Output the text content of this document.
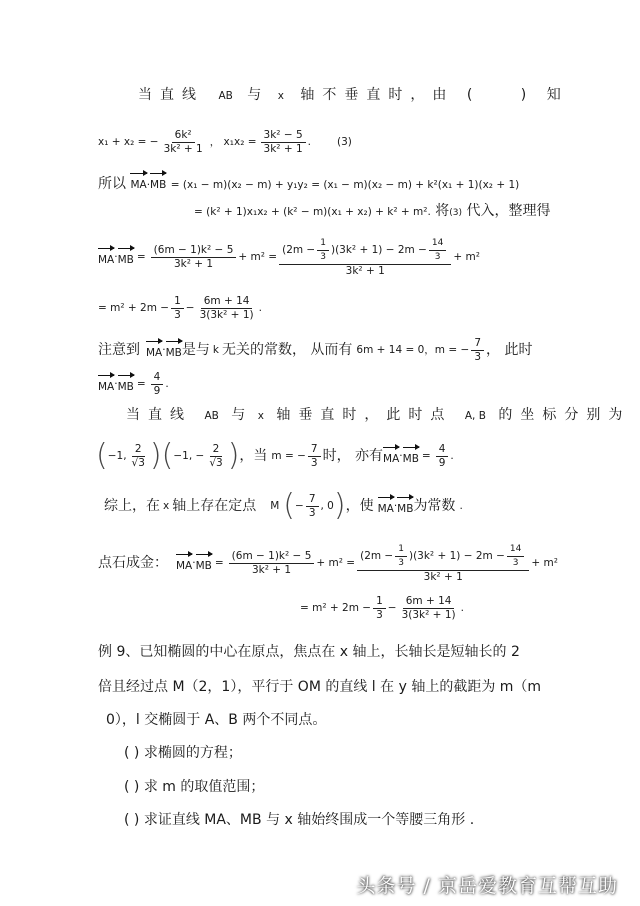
当直线 AB 与 x 轴不垂直时，由 (	) 知
x₁ + x₂ = − $\frac{\text{6k²}}{\text{3k² + 1}}$ ， $x_1x_2 = \frac{\text{3k² − 5}}{\text{3k² + 1}}$ . (3)
所以 MA·MB = (x₁ − m)(x₂ − m) + y₁y₂ = (x₁ − m)(x₂ − m) + k²(x₁ + 1)(x₂ + 1)
= (k² + 1)x₁x₂ + (k² − m)(x₁ + x₂) + k² + m². 将(3) 代入，整理得
MA · MB = $\frac{\text{(6m − 1)k² − 5}}{\text{3k² + 1}} + m^2 = \frac{(2m - \frac{1}{3} )(3k^2 + 1) - 2m - \frac{14}{3}}{\text{3k² + 1}} + m^2$
= $m^2 + 2m - \frac{1}{3} - \frac{6m + 14}{\text{3(3k² + 1)}}$ .
注意到 MA · MB 是与 k 无关的常数， 从而有 6m + 14 = 0，m = − $\frac{7}{3}$ ， 此时
MA · MB = $\frac{4}{9}$ .
当直线 AB 与 x 轴垂直时，此时点 A, B 的坐标分别为
( −1, $\frac{2}{√3}$ ) ( −1, − $\frac{2}{√3}$ ) ，当 m = − $\frac{7}{3}$ 时， 亦有 MA · MB = $\frac{4}{9}$ .
综上，在 x 轴上存在定点 M ( − $\frac{7}{3}$ , 0 ) ，使 MA · MB 为常数 .
点石成金： MA · MB = $\frac{\text{(6m − 1)k² − 5}}{\text{3k² + 1}} + m^2 = \frac{(2m - \frac{1}{3} )(3k^2 + 1) - 2m - \frac{14}{3}}{\text{3k² + 1}} + m^2$
= $m^2 + 2m - \frac{1}{3} - \frac{6m + 14}{\text{3(3k² + 1)}}$ .
例 9、已知椭圆的中心在原点，焦点在 x 轴上，长轴长是短轴长的 2
倍且经过点 M（2，1），平行于 OM 的直线 l 在 y 轴上的截距为 m（m
0），l 交椭圆于 A、B 两个不同点。
( ) 求椭圆的方程；
( ) 求 m 的取值范围；
( ) 求证直线 MA、MB 与 x 轴始终围成一个等腰三角形 .
头条号 / 京岳爱教育互帮互助
